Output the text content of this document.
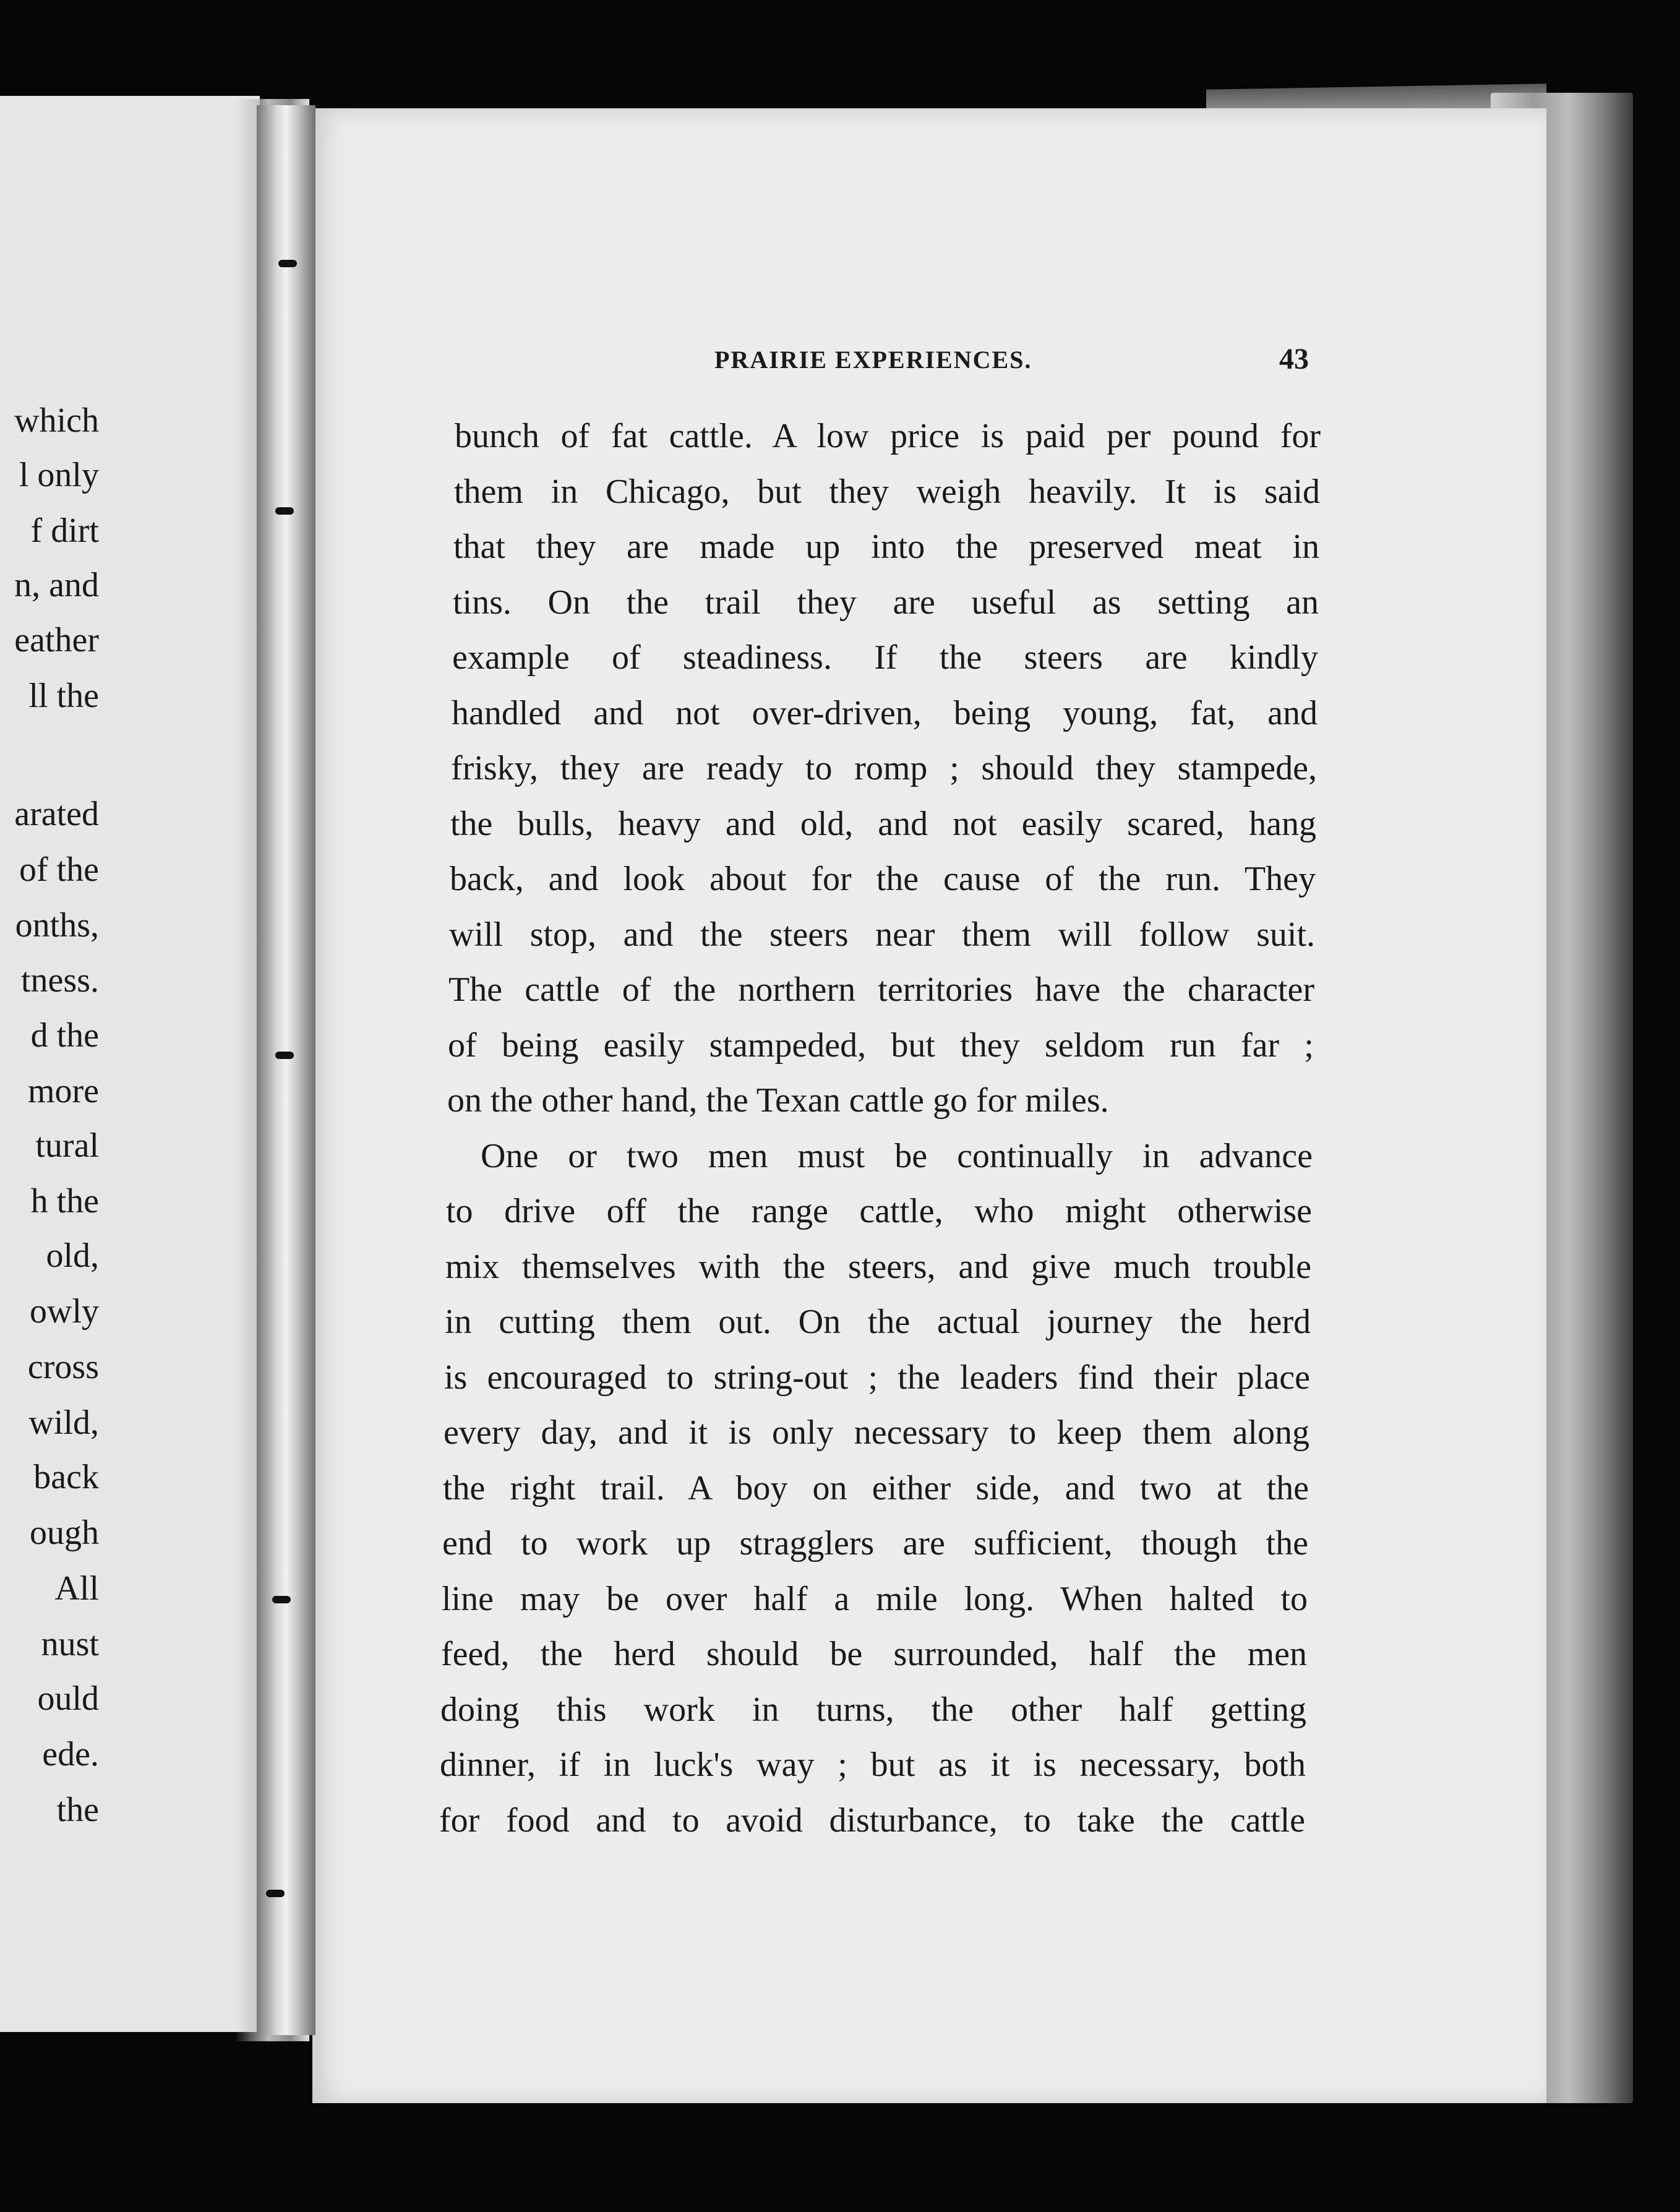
which
l only
f dirt
n, and
eather
ll the
arated
of the
onths,
tness.
d the
more
tural
h the
old,
owly
cross
wild,
back
ough
All
nust
ould
ede.
the
PRAIRIE EXPERIENCES.	43
bunch of fat cattle. A low price is paid per pound for
them in Chicago, but they weigh heavily. It is said
that they are made up into the preserved meat in
tins. On the trail they are useful as setting an
example of steadiness. If the steers are kindly
handled and not over-driven, being young, fat, and
frisky, they are ready to romp ; should they stampede,
the bulls, heavy and old, and not easily scared, hang
back, and look about for the cause of the run. They
will stop, and the steers near them will follow suit.
The cattle of the northern territories have the character
of being easily stampeded, but they seldom run far ;
on the other hand, the Texan cattle go for miles.
One or two men must be continually in advance
to drive off the range cattle, who might otherwise
mix themselves with the steers, and give much trouble
in cutting them out. On the actual journey the herd
is encouraged to string-out ; the leaders find their place
every day, and it is only necessary to keep them along
the right trail. A boy on either side, and two at the
end to work up stragglers are sufficient, though the
line may be over half a mile long. When halted to
feed, the herd should be surrounded, half the men
doing this work in turns, the other half getting
dinner, if in luck's way ; but as it is necessary, both
for food and to avoid disturbance, to take the cattle
